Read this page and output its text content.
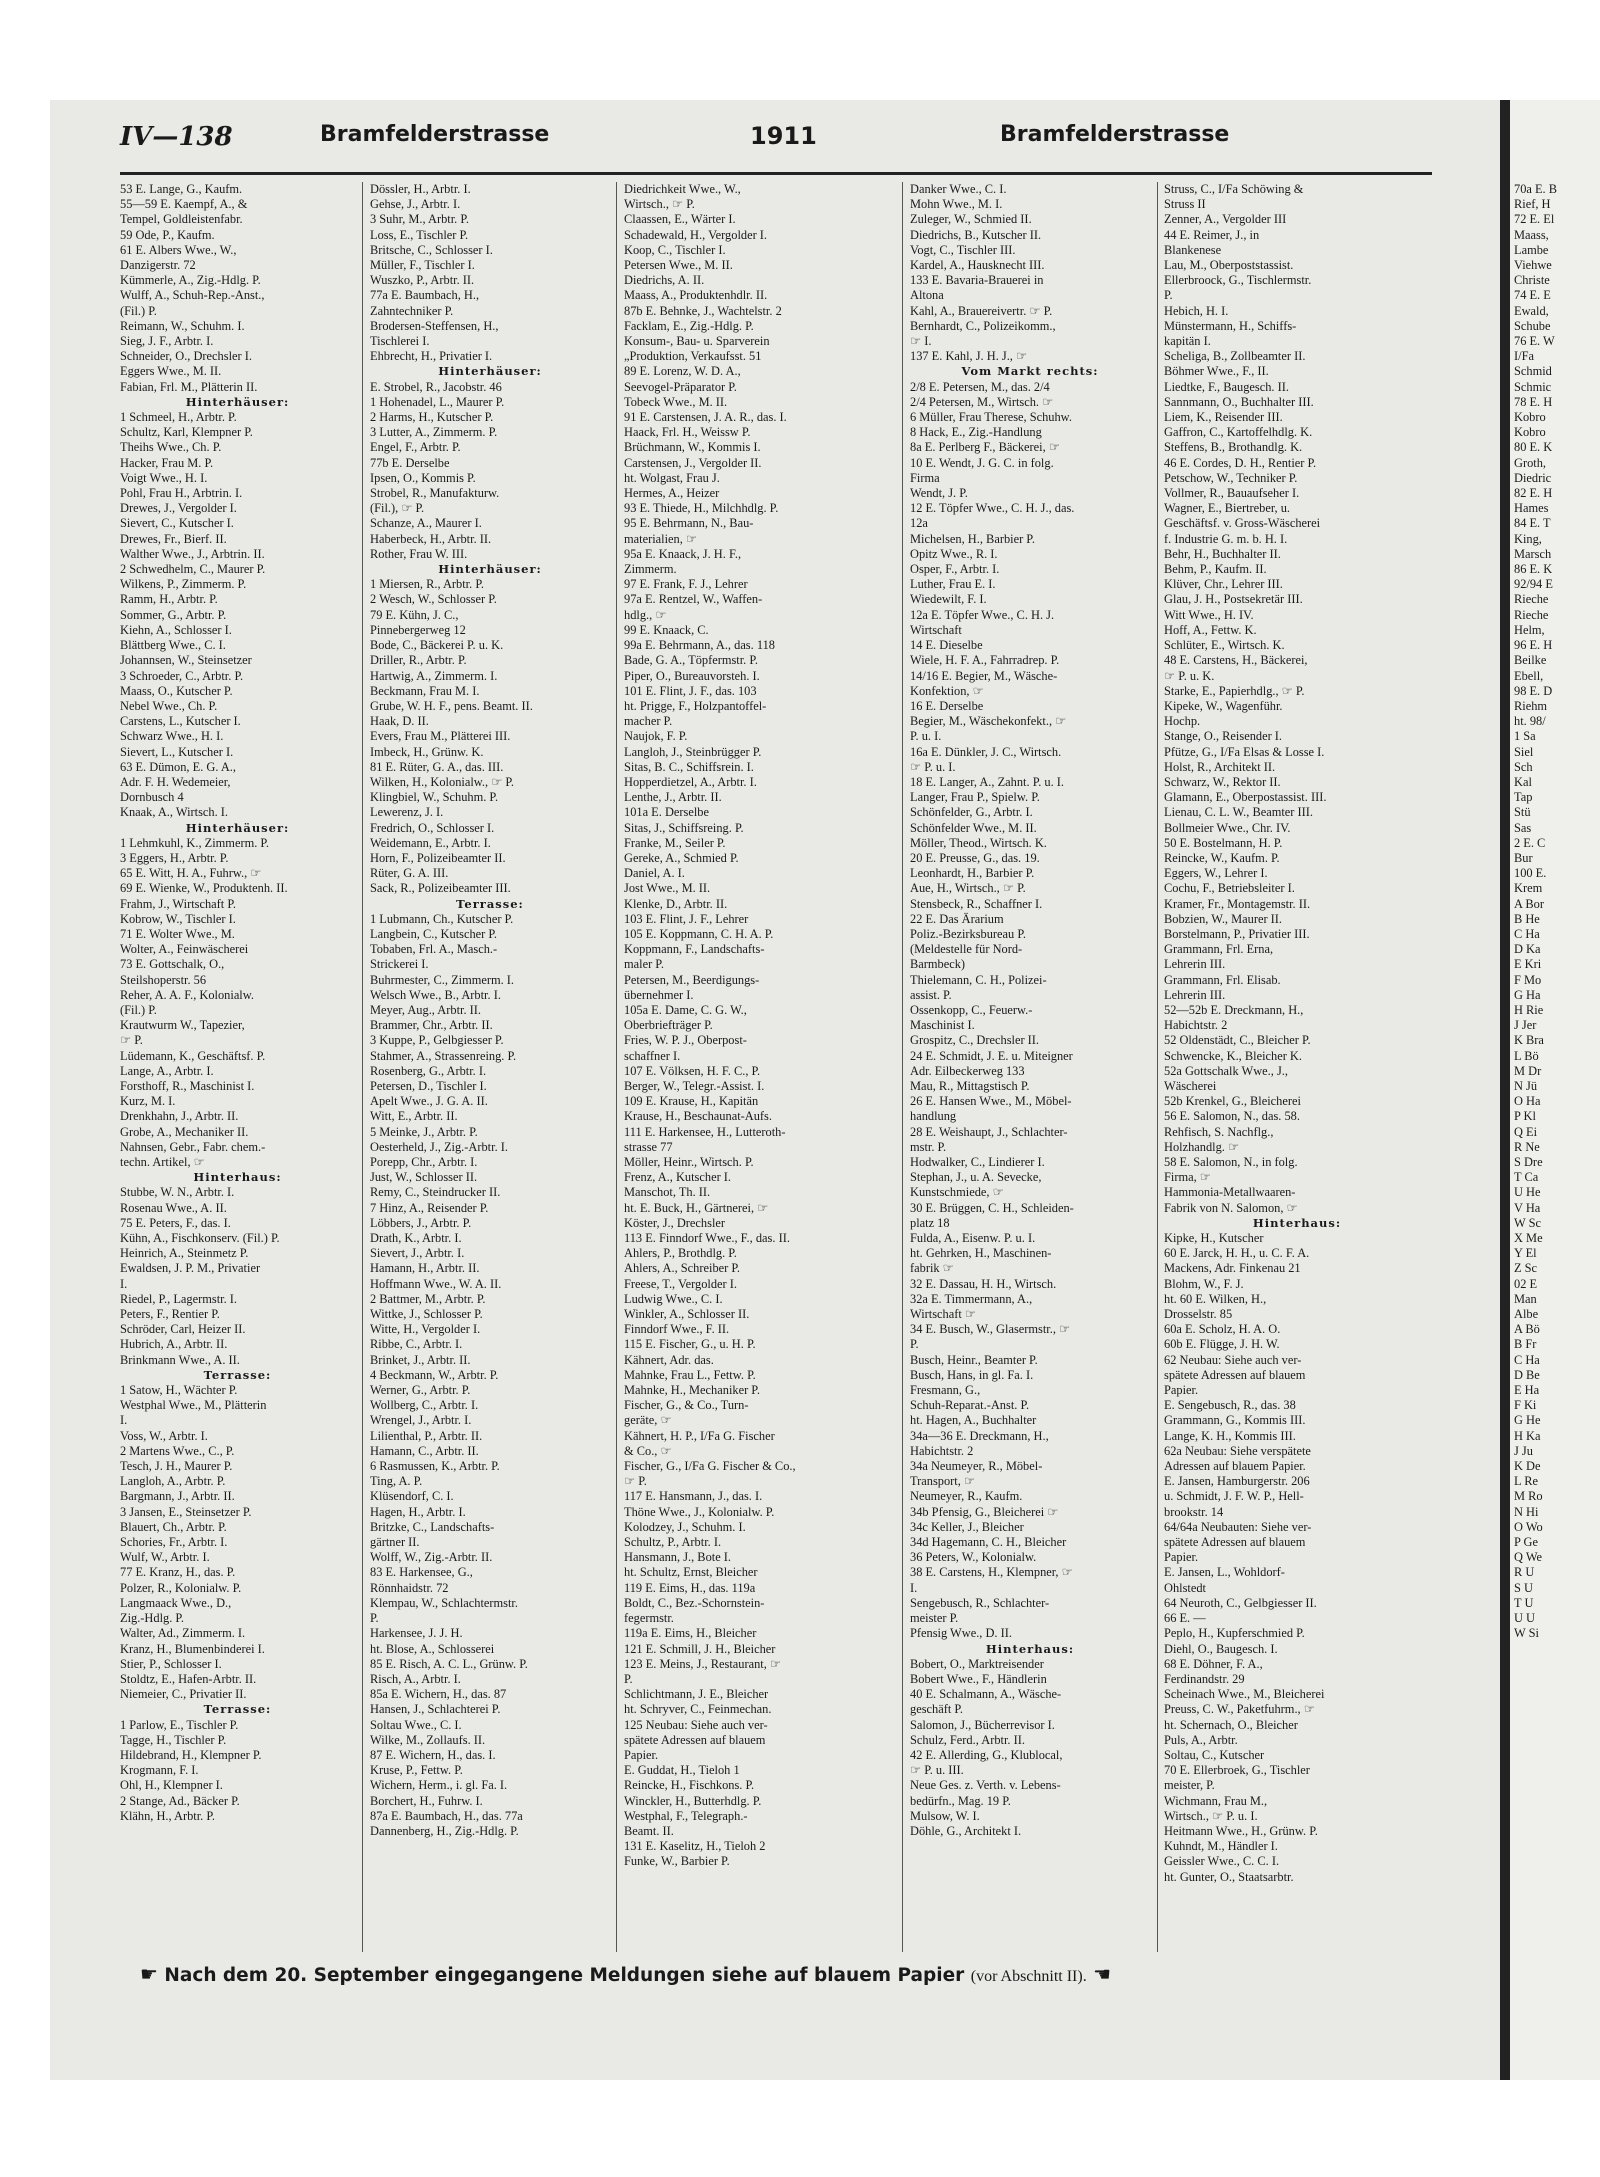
70a E. B
Rief, H
72 E. El
Maass,
Lambe
Viehwe
Christe
74 E. E
Ewald,
Schube
76 E. W
I/Fa
Schmid
Schmic
78 E. H
Kobro
Kobro
80 E. K
Groth,
Diedric
82 E. H
Hames
84 E. T
King,
Marsch
86 E. K
92/94 E
Rieche
Rieche
Helm,
96 E. H
Beilke
Ebell,
98 E. D
Riehm
ht. 98/
1 Sa
Siel
Sch
Kal
Tap
Stü
Sas
2 E. C
Bur
100 E.
Krem
A Bor
B He
C Ha
D Ka
E Kri
F Mo
G Ha
H Rie
J Jer
K Bra
L Bö
M Dr
N Jü
O Ha
P Kl
Q Ei
R Ne
S Dre
T Ca
U He
V Ha
W Sc
X Me
Y El
Z Sc
02 E
Man
Albe
A Bö
B Fr
C Ha
D Be
E Ha
F Ki
G He
H Ka
J Ju
K De
L Re
M Ro
N Hi
O Wo
P Ge
Q We
R U
S U
T U
U U
W Si
IV—138	Bramfelderstrasse	1911	Bramfelderstrasse
53 E. Lange, G., Kaufm.
55—59 E. Kaempf, A., &
Tempel, Goldleistenfabr.
59 Ode, P., Kaufm.
61 E. Albers Wwe., W.,
Danzigerstr. 72
Kümmerle, A., Zig.-Hdlg. P.
Wulff, A., Schuh-Rep.-Anst.,
(Fil.) P.
Reimann, W., Schuhm. I.
Sieg, J. F., Arbtr. I.
Schneider, O., Drechsler I.
Eggers Wwe., M. II.
Fabian, Frl. M., Plätterin II.
Hinterhäuser:
1 Schmeel, H., Arbtr. P.
Schultz, Karl, Klempner P.
Theihs Wwe., Ch. P.
Hacker, Frau M. P.
Voigt Wwe., H. I.
Pohl, Frau H., Arbtrin. I.
Drewes, J., Vergolder I.
Sievert, C., Kutscher I.
Drewes, Fr., Bierf. II.
Walther Wwe., J., Arbtrin. II.
2 Schwedhelm, C., Maurer P.
Wilkens, P., Zimmerm. P.
Ramm, H., Arbtr. P.
Sommer, G., Arbtr. P.
Kiehn, A., Schlosser I.
Blättberg Wwe., C. I.
Johannsen, W., Steinsetzer
3 Schroeder, C., Arbtr. P.
Maass, O., Kutscher P.
Nebel Wwe., Ch. P.
Carstens, L., Kutscher I.
Schwarz Wwe., H. I.
Sievert, L., Kutscher I.
63 E. Dümon, E. G. A.,
Adr. F. H. Wedemeier,
Dornbusch 4
Knaak, A., Wirtsch. I.
Hinterhäuser:
1 Lehmkuhl, K., Zimmerm. P.
3 Eggers, H., Arbtr. P.
65 E. Witt, H. A., Fuhrw., ☞
69 E. Wienke, W., Produktenh. II.
Frahm, J., Wirtschaft P.
Kobrow, W., Tischler I.
71 E. Wolter Wwe., M.
Wolter, A., Feinwäscherei
73 E. Gottschalk, O.,
Steilshoperstr. 56
Reher, A. A. F., Kolonialw.
(Fil.) P.
Krautwurm W., Tapezier,
☞ P.
Lüdemann, K., Geschäftsf. P.
Lange, A., Arbtr. I.
Forsthoff, R., Maschinist I.
Kurz, M. I.
Drenkhahn, J., Arbtr. II.
Grobe, A., Mechaniker II.
Nahnsen, Gebr., Fabr. chem.-
techn. Artikel, ☞
Hinterhaus:
Stubbe, W. N., Arbtr. I.
Rosenau Wwe., A. II.
75 E. Peters, F., das. I.
Kühn, A., Fischkonserv. (Fil.) P.
Heinrich, A., Steinmetz P.
Ewaldsen, J. P. M., Privatier
I.
Riedel, P., Lagermstr. I.
Peters, F., Rentier P.
Schröder, Carl, Heizer II.
Hubrich, A., Arbtr. II.
Brinkmann Wwe., A. II.
Terrasse:
1 Satow, H., Wächter P.
Westphal Wwe., M., Plätterin
I.
Voss, W., Arbtr. I.
2 Martens Wwe., C., P.
Tesch, J. H., Maurer P.
Langloh, A., Arbtr. P.
Bargmann, J., Arbtr. II.
3 Jansen, E., Steinsetzer P.
Blauert, Ch., Arbtr. P.
Schories, Fr., Arbtr. I.
Wulf, W., Arbtr. I.
77 E. Kranz, H., das. P.
Polzer, R., Kolonialw. P.
Langmaack Wwe., D.,
Zig.-Hdlg. P.
Walter, Ad., Zimmerm. I.
Kranz, H., Blumenbinderei I.
Stier, P., Schlosser I.
Stoldtz, E., Hafen-Arbtr. II.
Niemeier, C., Privatier II.
Terrasse:
1 Parlow, E., Tischler P.
Tagge, H., Tischler P.
Hildebrand, H., Klempner P.
Krogmann, F. I.
Ohl, H., Klempner I.
2 Stange, Ad., Bäcker P.
Klähn, H., Arbtr. P.
Dössler, H., Arbtr. I.
Gehse, J., Arbtr. I.
3 Suhr, M., Arbtr. P.
Loss, E., Tischler P.
Britsche, C., Schlosser I.
Müller, F., Tischler I.
Wuszko, P., Arbtr. II.
77a E. Baumbach, H.,
Zahntechniker P.
Brodersen-Steffensen, H.,
Tischlerei I.
Ehbrecht, H., Privatier I.
Hinterhäuser:
E. Strobel, R., Jacobstr. 46
1 Hohenadel, L., Maurer P.
2 Harms, H., Kutscher P.
3 Lutter, A., Zimmerm. P.
Engel, F., Arbtr. P.
77b E. Derselbe
Ipsen, O., Kommis P.
Strobel, R., Manufakturw.
(Fil.), ☞ P.
Schanze, A., Maurer I.
Haberbeck, H., Arbtr. II.
Rother, Frau W. III.
Hinterhäuser:
1 Miersen, R., Arbtr. P.
2 Wesch, W., Schlosser P.
79 E. Kühn, J. C.,
Pinnebergerweg 12
Bode, C., Bäckerei P. u. K.
Driller, R., Arbtr. P.
Hartwig, A., Zimmerm. I.
Beckmann, Frau M. I.
Grube, W. H. F., pens. Beamt. II.
Haak, D. II.
Evers, Frau M., Plätterei III.
Imbeck, H., Grünw. K.
81 E. Rüter, G. A., das. III.
Wilken, H., Kolonialw., ☞ P.
Klingbiel, W., Schuhm. P.
Lewerenz, J. I.
Fredrich, O., Schlosser I.
Weidemann, E., Arbtr. I.
Horn, F., Polizeibeamter II.
Rüter, G. A. III.
Sack, R., Polizeibeamter III.
Terrasse:
1 Lubmann, Ch., Kutscher P.
Langbein, C., Kutscher P.
Tobaben, Frl. A., Masch.-
Strickerei I.
Buhrmester, C., Zimmerm. I.
Welsch Wwe., B., Arbtr. I.
Meyer, Aug., Arbtr. II.
Brammer, Chr., Arbtr. II.
3 Kuppe, P., Gelbgiesser P.
Stahmer, A., Strassenreing. P.
Rosenberg, G., Arbtr. I.
Petersen, D., Tischler I.
Apelt Wwe., J. G. A. II.
Witt, E., Arbtr. II.
5 Meinke, J., Arbtr. P.
Oesterheld, J., Zig.-Arbtr. I.
Porepp, Chr., Arbtr. I.
Just, W., Schlosser II.
Remy, C., Steindrucker II.
7 Hinz, A., Reisender P.
Löbbers, J., Arbtr. P.
Drath, K., Arbtr. I.
Sievert, J., Arbtr. I.
Hamann, H., Arbtr. II.
Hoffmann Wwe., W. A. II.
2 Battmer, M., Arbtr. P.
Wittke, J., Schlosser P.
Witte, H., Vergolder I.
Ribbe, C., Arbtr. I.
Brinket, J., Arbtr. II.
4 Beckmann, W., Arbtr. P.
Werner, G., Arbtr. P.
Wollberg, C., Arbtr. I.
Wrengel, J., Arbtr. I.
Lilienthal, P., Arbtr. II.
Hamann, C., Arbtr. II.
6 Rasmussen, K., Arbtr. P.
Ting, A. P.
Klüsendorf, C. I.
Hagen, H., Arbtr. I.
Britzke, C., Landschafts-
gärtner II.
Wolff, W., Zig.-Arbtr. II.
83 E. Harkensee, G.,
Rönnhaidstr. 72
Klempau, W., Schlachtermstr.
P.
Harkensee, J. J. H.
ht. Blose, A., Schlosserei
85 E. Risch, A. C. L., Grünw. P.
Risch, A., Arbtr. I.
85a E. Wichern, H., das. 87
Hansen, J., Schlachterei P.
Soltau Wwe., C. I.
Wilke, M., Zollaufs. II.
87 E. Wichern, H., das. I.
Kruse, P., Fettw. P.
Wichern, Herm., i. gl. Fa. I.
Borchert, H., Fuhrw. I.
87a E. Baumbach, H., das. 77a
Dannenberg, H., Zig.-Hdlg. P.
Diedrichkeit Wwe., W.,
Wirtsch., ☞ P.
Claassen, E., Wärter I.
Schadewald, H., Vergolder I.
Koop, C., Tischler I.
Petersen Wwe., M. II.
Diedrichs, A. II.
Maass, A., Produktenhdlr. II.
87b E. Behnke, J., Wachtelstr. 2
Facklam, E., Zig.-Hdlg. P.
Konsum-, Bau- u. Sparverein
„Produktion, Verkaufsst. 51
89 E. Lorenz, W. D. A.,
Seevogel-Präparator P.
Tobeck Wwe., M. II.
91 E. Carstensen, J. A. R., das. I.
Haack, Frl. H., Weissw P.
Brüchmann, W., Kommis I.
Carstensen, J., Vergolder II.
ht. Wolgast, Frau J.
Hermes, A., Heizer
93 E. Thiede, H., Milchhdlg. P.
95 E. Behrmann, N., Bau-
materialien, ☞
95a E. Knaack, J. H. F.,
Zimmerm.
97 E. Frank, F. J., Lehrer
97a E. Rentzel, W., Waffen-
hdlg., ☞
99 E. Knaack, C.
99a E. Behrmann, A., das. 118
Bade, G. A., Töpfermstr. P.
Piper, O., Bureauvorsteh. I.
101 E. Flint, J. F., das. 103
ht. Prigge, F., Holzpantoffel-
macher P.
Naujok, F. P.
Langloh, J., Steinbrügger P.
Sitas, B. C., Schiffsrein. I.
Hopperdietzel, A., Arbtr. I.
Lenthe, J., Arbtr. II.
101a E. Derselbe
Sitas, J., Schiffsreing. P.
Franke, M., Seiler P.
Gereke, A., Schmied P.
Daniel, A. I.
Jost Wwe., M. II.
Klenke, D., Arbtr. II.
103 E. Flint, J. F., Lehrer
105 E. Koppmann, C. H. A. P.
Koppmann, F., Landschafts-
maler P.
Petersen, M., Beerdigungs-
übernehmer I.
105a E. Dame, C. G. W.,
Oberbriefträger P.
Fries, W. P. J., Oberpost-
schaffner I.
107 E. Völksen, H. F. C., P.
Berger, W., Telegr.-Assist. I.
109 E. Krause, H., Kapitän
Krause, H., Beschaunat-Aufs.
111 E. Harkensee, H., Lutteroth-
strasse 77
Möller, Heinr., Wirtsch. P.
Frenz, A., Kutscher I.
Manschot, Th. II.
ht. E. Buck, H., Gärtnerei, ☞
Köster, J., Drechsler
113 E. Finndorf Wwe., F., das. II.
Ahlers, P., Brothdlg. P.
Ahlers, A., Schreiber P.
Freese, T., Vergolder I.
Ludwig Wwe., C. I.
Winkler, A., Schlosser II.
Finndorf Wwe., F. II.
115 E. Fischer, G., u. H. P.
Kähnert, Adr. das.
Mahnke, Frau L., Fettw. P.
Mahnke, H., Mechaniker P.
Fischer, G., & Co., Turn-
geräte, ☞
Kähnert, H. P., I/Fa G. Fischer
& Co., ☞
Fischer, G., I/Fa G. Fischer & Co.,
☞ P.
117 E. Hansmann, J., das. I.
Thöne Wwe., J., Kolonialw. P.
Kolodzey, J., Schuhm. I.
Schultz, P., Arbtr. I.
Hansmann, J., Bote I.
ht. Schultz, Ernst, Bleicher
119 E. Eims, H., das. 119a
Boldt, C., Bez.-Schornstein-
fegermstr.
119a E. Eims, H., Bleicher
121 E. Schmill, J. H., Bleicher
123 E. Meins, J., Restaurant, ☞
P.
Schlichtmann, J. E., Bleicher
ht. Schryver, C., Feinmechan.
125 Neubau: Siehe auch ver-
spätete Adressen auf blauem
Papier.
E. Guddat, H., Tieloh 1
Reincke, H., Fischkons. P.
Winckler, H., Butterhdlg. P.
Westphal, F., Telegraph.-
Beamt. II.
131 E. Kaselitz, H., Tieloh 2
Funke, W., Barbier P.
Danker Wwe., C. I.
Mohn Wwe., M. I.
Zuleger, W., Schmied II.
Diedrichs, B., Kutscher II.
Vogt, C., Tischler III.
Kardel, A., Hausknecht III.
133 E. Bavaria-Brauerei in
Altona
Kahl, A., Brauereivertr. ☞ P.
Bernhardt, C., Polizeikomm.,
☞ I.
137 E. Kahl, J. H. J., ☞
Vom Markt rechts:
2/8 E. Petersen, M., das. 2/4
2/4 Petersen, M., Wirtsch. ☞
6 Müller, Frau Therese, Schuhw.
8 Hack, E., Zig.-Handlung
8a E. Perlberg F., Bäckerei, ☞
10 E. Wendt, J. G. C. in folg.
Firma
Wendt, J. P.
12 E. Töpfer Wwe., C. H. J., das.
12a
Michelsen, H., Barbier P.
Opitz Wwe., R. I.
Osper, F., Arbtr. I.
Luther, Frau E. I.
Wiedewilt, F. I.
12a E. Töpfer Wwe., C. H. J.
Wirtschaft
14 E. Dieselbe
Wiele, H. F. A., Fahrradrep. P.
14/16 E. Begier, M., Wäsche-
Konfektion, ☞
16 E. Derselbe
Begier, M., Wäschekonfekt., ☞
P. u. I.
16a E. Dünkler, J. C., Wirtsch.
☞ P. u. I.
18 E. Langer, A., Zahnt. P. u. I.
Langer, Frau P., Spielw. P.
Schönfelder, G., Arbtr. I.
Schönfelder Wwe., M. II.
Möller, Theod., Wirtsch. K.
20 E. Preusse, G., das. 19.
Leonhardt, H., Barbier P.
Aue, H., Wirtsch., ☞ P.
Stensbeck, R., Schaffner I.
22 E. Das Ärarium
Poliz.-Bezirksbureau P.
(Meldestelle für Nord-
Barmbeck)
Thielemann, C. H., Polizei-
assist. P.
Ossenkopp, C., Feuerw.-
Maschinist I.
Grospitz, C., Drechsler II.
24 E. Schmidt, J. E. u. Miteigner
Adr. Eilbeckerweg 133
Mau, R., Mittagstisch P.
26 E. Hansen Wwe., M., Möbel-
handlung
28 E. Weishaupt, J., Schlachter-
mstr. P.
Hodwalker, C., Lindierer I.
Stephan, J., u. A. Sevecke,
Kunstschmiede, ☞
30 E. Brüggen, C. H., Schleiden-
platz 18
Fulda, A., Eisenw. P. u. I.
ht. Gehrken, H., Maschinen-
fabrik ☞
32 E. Dassau, H. H., Wirtsch.
32a E. Timmermann, A.,
Wirtschaft ☞
34 E. Busch, W., Glasermstr., ☞
P.
Busch, Heinr., Beamter P.
Busch, Hans, in gl. Fa. I.
Fresmann, G.,
Schuh-Reparat.-Anst. P.
ht. Hagen, A., Buchhalter
34a—36 E. Dreckmann, H.,
Habichtstr. 2
34a Neumeyer, R., Möbel-
Transport, ☞
Neumeyer, R., Kaufm.
34b Pfensig, G., Bleicherei ☞
34c Keller, J., Bleicher
34d Hagemann, C. H., Bleicher
36 Peters, W., Kolonialw.
38 E. Carstens, H., Klempner, ☞
I.
Sengebusch, R., Schlachter-
meister P.
Pfensig Wwe., D. II.
Hinterhaus:
Bobert, O., Marktreisender
Bobert Wwe., F., Händlerin
40 E. Schalmann, A., Wäsche-
geschäft P.
Salomon, J., Bücherrevisor I.
Schulz, Ferd., Arbtr. II.
42 E. Allerding, G., Klublocal,
☞ P. u. III.
Neue Ges. z. Verth. v. Lebens-
bedürfn., Mag. 19 P.
Mulsow, W. I.
Döhle, G., Architekt I.
Struss, C., I/Fa Schöwing &
Struss II
Zenner, A., Vergolder III
44 E. Reimer, J., in
Blankenese
Lau, M., Oberpoststassist.
Ellerbroock, G., Tischlermstr.
P.
Hebich, H. I.
Münstermann, H., Schiffs-
kapitän I.
Scheliga, B., Zollbeamter II.
Böhmer Wwe., F., II.
Liedtke, F., Baugesch. II.
Sannmann, O., Buchhalter III.
Liem, K., Reisender III.
Gaffron, C., Kartoffelhdlg. K.
Steffens, B., Brothandlg. K.
46 E. Cordes, D. H., Rentier P.
Petschow, W., Techniker P.
Vollmer, R., Bauaufseher I.
Wagner, E., Biertreber, u.
Geschäftsf. v. Gross-Wäscherei
f. Industrie G. m. b. H. I.
Behr, H., Buchhalter II.
Behm, P., Kaufm. II.
Klüver, Chr., Lehrer III.
Glau, J. H., Postsekretär III.
Witt Wwe., H. IV.
Hoff, A., Fettw. K.
Schlüter, E., Wirtsch. K.
48 E. Carstens, H., Bäckerei,
☞ P. u. K.
Starke, E., Papierhdlg., ☞ P.
Kipeke, W., Wagenführ.
Hochp.
Stange, O., Reisender I.
Pfütze, G., I/Fa Elsas & Losse I.
Holst, R., Architekt II.
Schwarz, W., Rektor II.
Glamann, E., Oberpostassist. III.
Lienau, C. L. W., Beamter III.
Bollmeier Wwe., Chr. IV.
50 E. Bostelmann, H. P.
Reincke, W., Kaufm. P.
Eggers, W., Lehrer I.
Cochu, F., Betriebsleiter I.
Kramer, Fr., Montagemstr. II.
Bobzien, W., Maurer II.
Borstelmann, P., Privatier III.
Grammann, Frl. Erna,
Lehrerin III.
Grammann, Frl. Elisab.
Lehrerin III.
52—52b E. Dreckmann, H.,
Habichtstr. 2
52 Oldenstädt, C., Bleicher P.
Schwencke, K., Bleicher K.
52a Gottschalk Wwe., J.,
Wäscherei
52b Krenkel, G., Bleicherei
56 E. Salomon, N., das. 58.
Rehfisch, S. Nachflg.,
Holzhandlg. ☞
58 E. Salomon, N., in folg.
Firma, ☞
Hammonia-Metallwaaren-
Fabrik von N. Salomon, ☞
Hinterhaus:
Kipke, H., Kutscher
60 E. Jarck, H. H., u. C. F. A.
Mackens, Adr. Finkenau 21
Blohm, W., F. J.
ht. 60 E. Wilken, H.,
Drosselstr. 85
60a E. Scholz, H. A. O.
60b E. Flügge, J. H. W.
62 Neubau: Siehe auch ver-
spätete Adressen auf blauem
Papier.
E. Sengebusch, R., das. 38
Grammann, G., Kommis III.
Lange, K. H., Kommis III.
62a Neubau: Siehe verspätete
Adressen auf blauem Papier.
E. Jansen, Hamburgerstr. 206
u. Schmidt, J. F. W. P., Hell-
brookstr. 14
64/64a Neubauten: Siehe ver-
spätete Adressen auf blauem
Papier.
E. Jansen, L., Wohldorf-
Ohlstedt
64 Neuroth, C., Gelbgiesser II.
66 E. —
Peplo, H., Kupferschmied P.
Diehl, O., Baugesch. I.
68 E. Döhner, F. A.,
Ferdinandstr. 29
Scheinach Wwe., M., Bleicherei
Preuss, C. W., Paketfuhrm., ☞
ht. Schernach, O., Bleicher
Puls, A., Arbtr.
Soltau, C., Kutscher
70 E. Ellerbroek, G., Tischler
meister, P.
Wichmann, Frau M.,
Wirtsch., ☞ P. u. I.
Heitmann Wwe., H., Grünw. P.
Kuhndt, M., Händler I.
Geissler Wwe., C. C. I.
ht. Gunter, O., Staatsarbtr.
☛ Nach dem 20. September eingegangene Meldungen siehe auf blauem Papier (vor Abschnitt II). ☚
